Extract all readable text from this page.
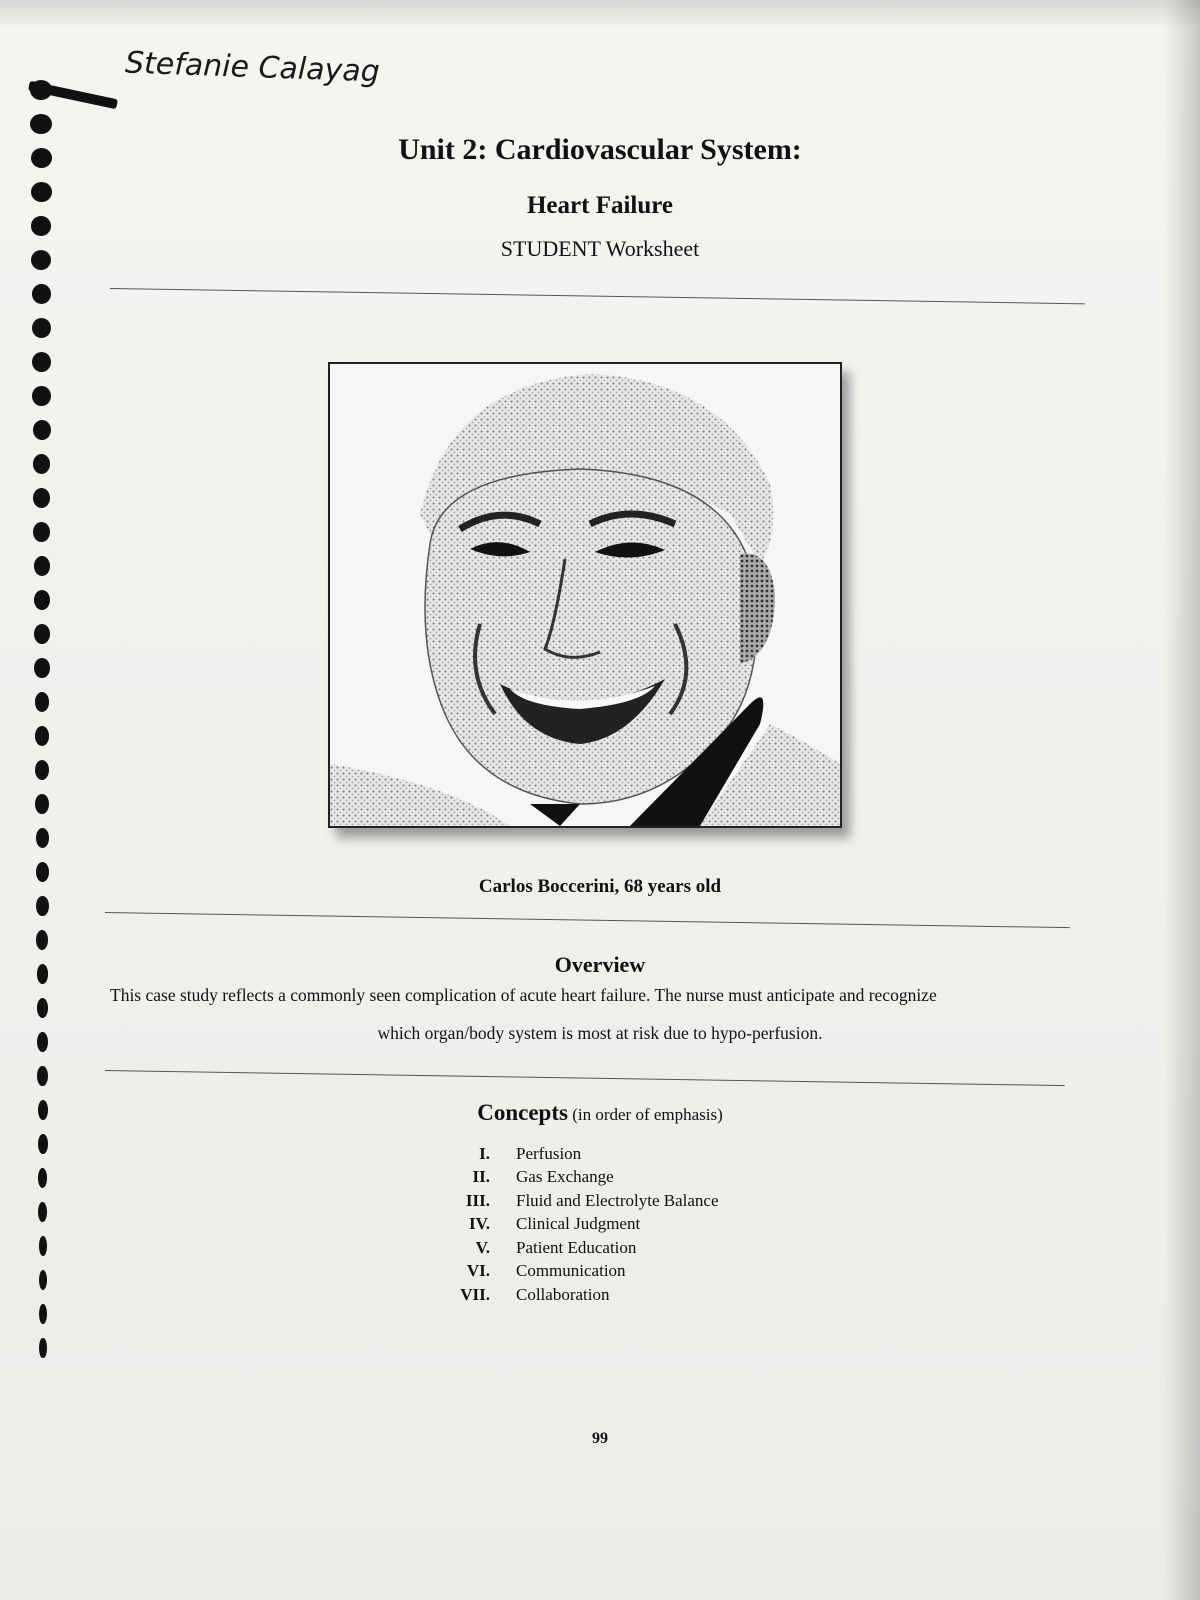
Stefanie Calayag
Unit 2: Cardiovascular System:
Heart Failure
STUDENT Worksheet
Carlos Boccerini, 68 years old
Overview
This case study reflects a commonly seen complication of acute heart failure. The nurse must anticipate and recognize
which organ/body system is most at risk due to hypo-perfusion.
Concepts (in order of emphasis)
I. Perfusion
II. Gas Exchange
III. Fluid and Electrolyte Balance
IV. Clinical Judgment
V. Patient Education
VI. Communication
VII. Collaboration
99
